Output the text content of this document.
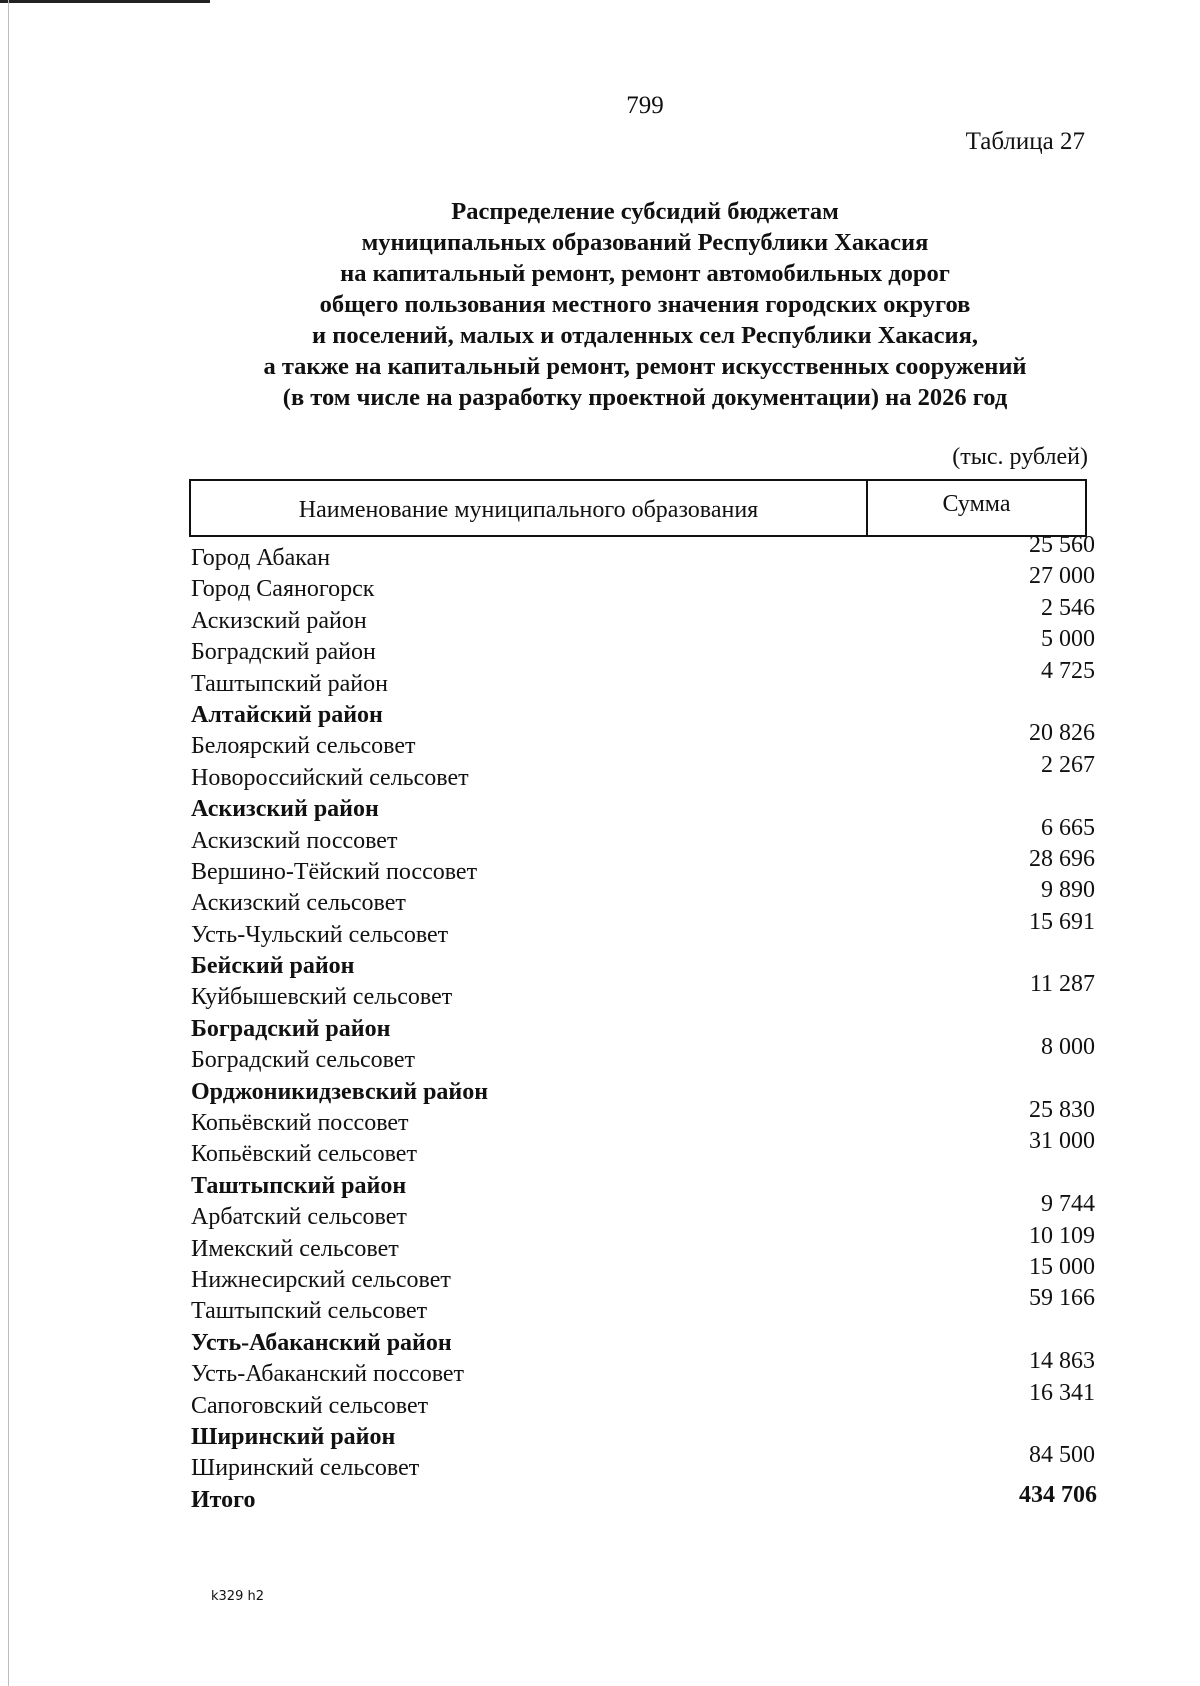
799
Таблица 27
Распределение субсидий бюджетам
муниципальных образований Республики Хакасия
на капитальный ремонт, ремонт автомобильных дорог
общего пользования местного значения городских округов
и поселений, малых и отдаленных сел Республики Хакасия,
а также на капитальный ремонт, ремонт искусственных сооружений
(в том числе на разработку проектной документации) на 2026 год
(тыс. рублей)
Наименование муниципального образования	Сумма
Город Абакан	25 560
Город Саяногорск	27 000
Аскизский район	2 546
Боградский район	5 000
Таштыпский район	4 725
Алтайский район
Белоярский сельсовет	20 826
Новороссийский сельсовет	2 267
Аскизский район
Аскизский поссовет	6 665
Вершино-Тёйский поссовет	28 696
Аскизский сельсовет	9 890
Усть-Чульский сельсовет	15 691
Бейский район
Куйбышевский сельсовет	11 287
Боградский район
Боградский сельсовет	8 000
Орджоникидзевский район
Копьёвский поссовет	25 830
Копьёвский сельсовет	31 000
Таштыпский район
Арбатский сельсовет	9 744
Имекский сельсовет	10 109
Нижнесирский сельсовет	15 000
Таштыпский сельсовет	59 166
Усть-Абаканский район
Усть-Абаканский поссовет	14 863
Сапоговский сельсовет	16 341
Ширинский район
Ширинский сельсовет	84 500
Итого	434 706
k329 h2
